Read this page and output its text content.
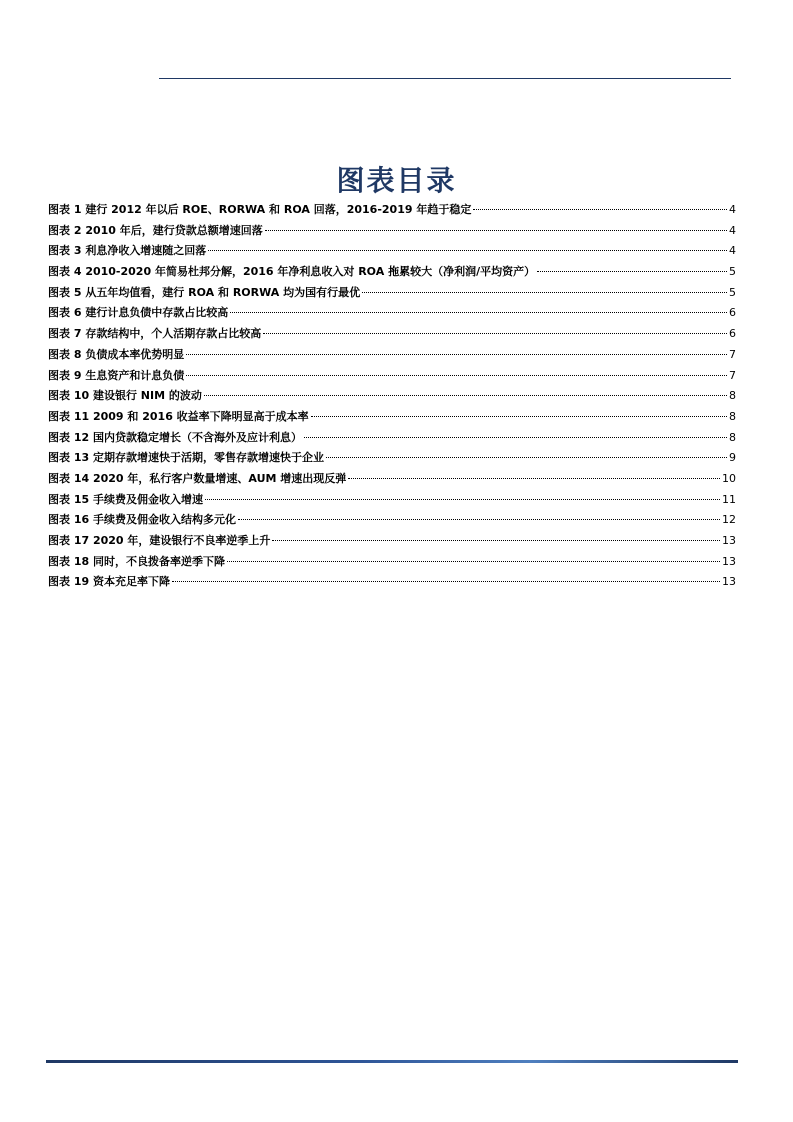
图表目录
图表 1 建行 2012 年以后 ROE、RORWA 和 ROA 回落，2016-2019 年趋于稳定	4
图表 2 2010 年后，建行贷款总额增速回落	4
图表 3 利息净收入增速随之回落	4
图表 4 2010-2020 年简易杜邦分解，2016 年净利息收入对 ROA 拖累较大（净利润/平均资产）	5
图表 5 从五年均值看，建行 ROA 和 RORWA 均为国有行最优	5
图表 6 建行计息负债中存款占比较高	6
图表 7 存款结构中，个人活期存款占比较高	6
图表 8 负债成本率优势明显	7
图表 9 生息资产和计息负债	7
图表 10 建设银行 NIM 的波动	8
图表 11 2009 和 2016 收益率下降明显高于成本率	8
图表 12 国内贷款稳定增长（不含海外及应计利息）	8
图表 13 定期存款增速快于活期，零售存款增速快于企业	9
图表 14 2020 年，私行客户数量增速、AUM 增速出现反弹	10
图表 15 手续费及佣金收入增速	11
图表 16 手续费及佣金收入结构多元化	12
图表 17 2020 年，建设银行不良率逆季上升	13
图表 18 同时，不良拨备率逆季下降	13
图表 19 资本充足率下降	13
